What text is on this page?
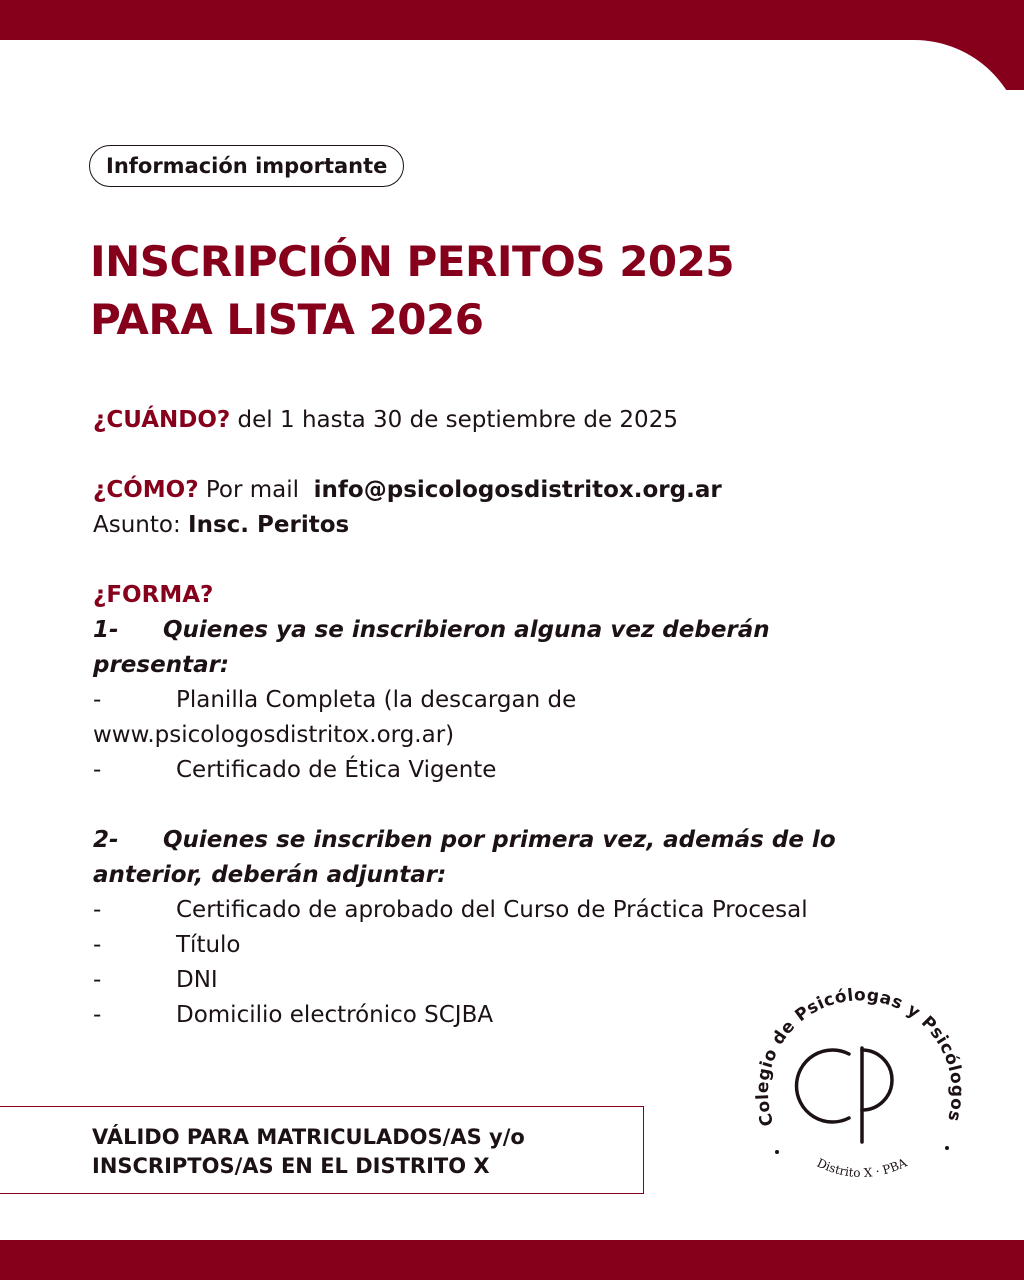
Información importante
INSCRIPCIÓN PERITOS 2025
PARA LISTA 2026

¿CUÁNDO? del 1 hasta 30 de septiembre de 2025

¿CÓMO? Por mail info@psicologosdistritox.org.ar

Asunto: Insc. Peritos

¿FORMA?

1-	Quienes ya se inscribieron alguna vez deberán

presentar:

-	Planilla Completa (la descargan de

www.psicologosdistritox.org.ar)

-	Certificado de Ética Vigente
2-	Quienes se inscriben por primera vez, además de lo

anterior, deberán adjuntar:

-	Certificado de aprobado del Curso de Práctica Procesal
-	Título
-	DNI
-	Domicilio electrónico SCJBA
VÁLIDO PARA MATRICULADOS/AS y/o
INSCRIPTOS/AS EN EL DISTRITO X
Colegio de Psicólogas y Psicólogos
Distrito X · PBA
